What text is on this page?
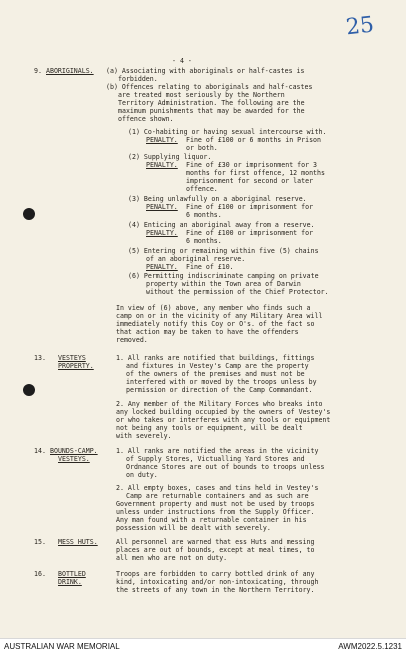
25
- 4 -
9. ABORIGINALS. (a) Associating with aboriginals or half-castes is
forbidden.
(b) Offences relating to aboriginals and half-castes
are treated most seriously by the Northern
Territory Administration. The following are the
maximum punishments that may be awarded for the
offence shown.
(1) Co-habiting or having sexual intercourse with.
PENALTY. Fine of £100 or 6 months in Prison
or both.
(2) Supplying liquor.
PENALTY. Fine of £30 or imprisonment for 3
months for first offence, 12 months
imprisonment for second or later
offence.
(3) Being unlawfully on a aboriginal reserve.
PENALTY. Fine of £100 or imprisonment for
6 months.
(4) Enticing an aboriginal away from a reserve.
PENALTY. Fine of £100 or imprisonment for
6 months.
(5) Entering or remaining within five (5) chains
of an aboriginal reserve.
PENALTY. Fine of £10.
(6) Permitting indiscriminate camping on private
property within the Town area of Darwin
without the permission of the Chief Protector.
In view of (6) above, any member who finds such a
camp on or in the vicinity of any Military Area will
immediately notify this Coy or O's. of the fact so
that action may be taken to have the offenders
removed.
13. VESTEYS
PROPERTY.
1. All ranks are notified that buildings, fittings
and fixtures in Vestey's Camp are the property
of the owners of the premises and must not be
interfered with or moved by the troops unless by
permission or direction of the Camp Commandant.
2. Any member of the Military Forces who breaks into
any locked building occupied by the owners of Vestey's
or who takes or interferes with any tools or equipment
not being any tools or equipment, will be dealt
with severely.
14. BOUNDS-CAMP.
VESTEYS.
1. All ranks are notified the areas in the vicinity
of Supply Stores, Victualling Yard Stores and
Ordnance Stores are out of bounds to troops unless
on duty.
2. All empty boxes, cases and tins held in Vestey's
Camp are returnable containers and as such are
Government property and must not be used by troops
unless under instructions from the Supply Officer.
Any man found with a returnable container in his
possession will be dealt with severely.
15. MESS HUTS.	All personnel are warned that ess Huts and messing
places are out of bounds, except at meal times, to
all men who are not on duty.
16. BOTTLED
DRINK.
Troops are forbidden to carry bottled drink of any
kind, intoxicating and/or non-intoxicating, through
the streets of any town in the Northern Territory.
AUSTRALIAN WAR MEMORIAL	AWM2022.5.1231
